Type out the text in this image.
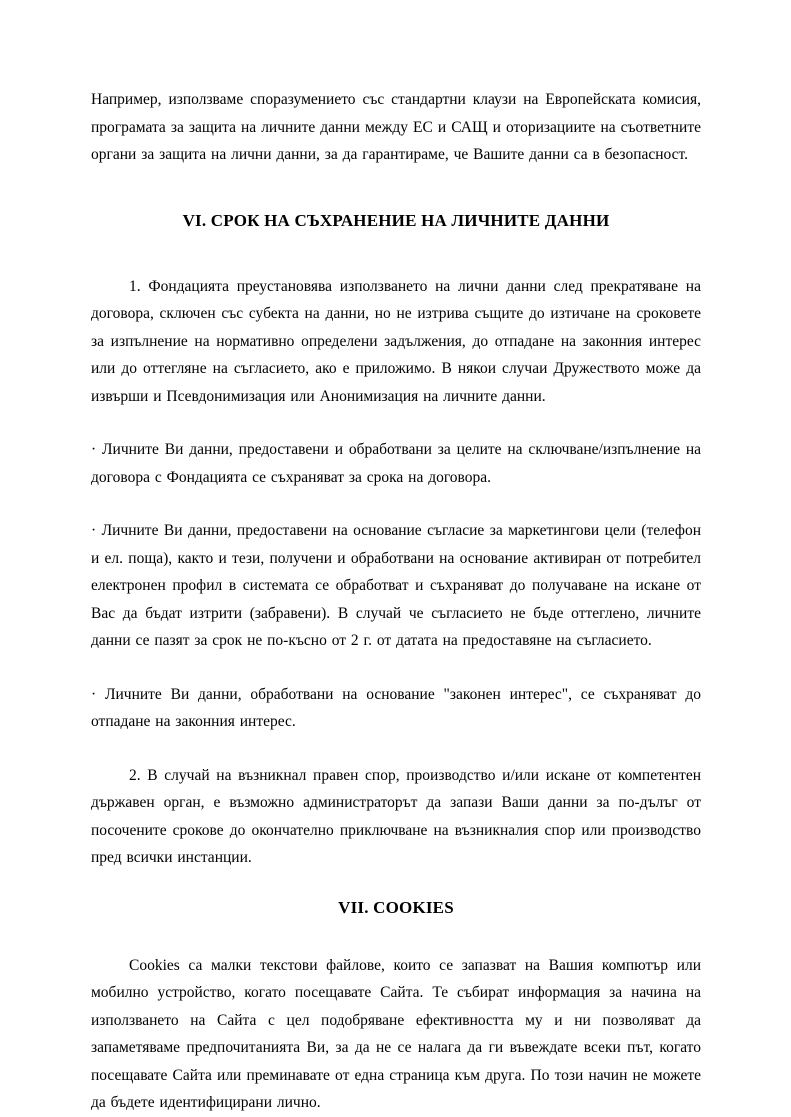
Например, използваме споразумението със стандартни клаузи на Европейската комисия, програмата за защита на личните данни между ЕС и САЩ и оторизациите на съответните органи за защита на лични данни, за да гарантираме, че Вашите данни са в безопасност.

VI. СРОК НА СЪХРАНЕНИЕ НА ЛИЧНИТЕ ДАННИ

1. Фондацията преустановява използването на лични данни след прекратяване на договора, сключен със субекта на данни, но не изтрива същите до изтичане на сроковете за изпълнение на нормативно определени задължения, до отпадане на законния интерес или до оттегляне на съгласието, ако е приложимо. В някои случаи Дружеството може да извърши и Псевдонимизация или Анонимизация на личните данни.

· Личните Ви данни, предоставени и обработвани за целите на сключване/изпълнение на договора с Фондацията се съхраняват за срока на договора.

· Личните Ви данни, предоставени на основание съгласие за маркетингови цели (телефон и ел. поща), както и тези, получени и обработвани на основание активиран от потребител електронен профил в системата се обработват и съхраняват до получаване на искане от Вас да бъдат изтрити (забравени). В случай че съгласието не бъде оттеглено, личните данни се пазят за срок не по-късно от 2 г. от датата на предоставяне на съгласието.

· Личните Ви данни, обработвани на основание "законен интерес", се съхраняват до отпадане на законния интерес.

2. В случай на възникнал правен спор, производство и/или искане от компетентен държавен орган, е възможно администраторът да запази Ваши данни за по-дълъг от посочените срокове до окончателно приключване на възникналия спор или производство пред всички инстанции.

VII. COOKIES

Cookies са малки текстови файлове, които се запазват на Вашия компютър или мобилно устройство, когато посещавате Сайта. Те събират информация за начина на използването на Сайта с цел подобряване ефективността му и ни позволяват да запаметяваме предпочитанията Ви, за да не се налага да ги въвеждате всеки път, когато посещавате Сайта или преминавате от една страница към друга. По този начин не можете да бъдете идентифицирани лично.
